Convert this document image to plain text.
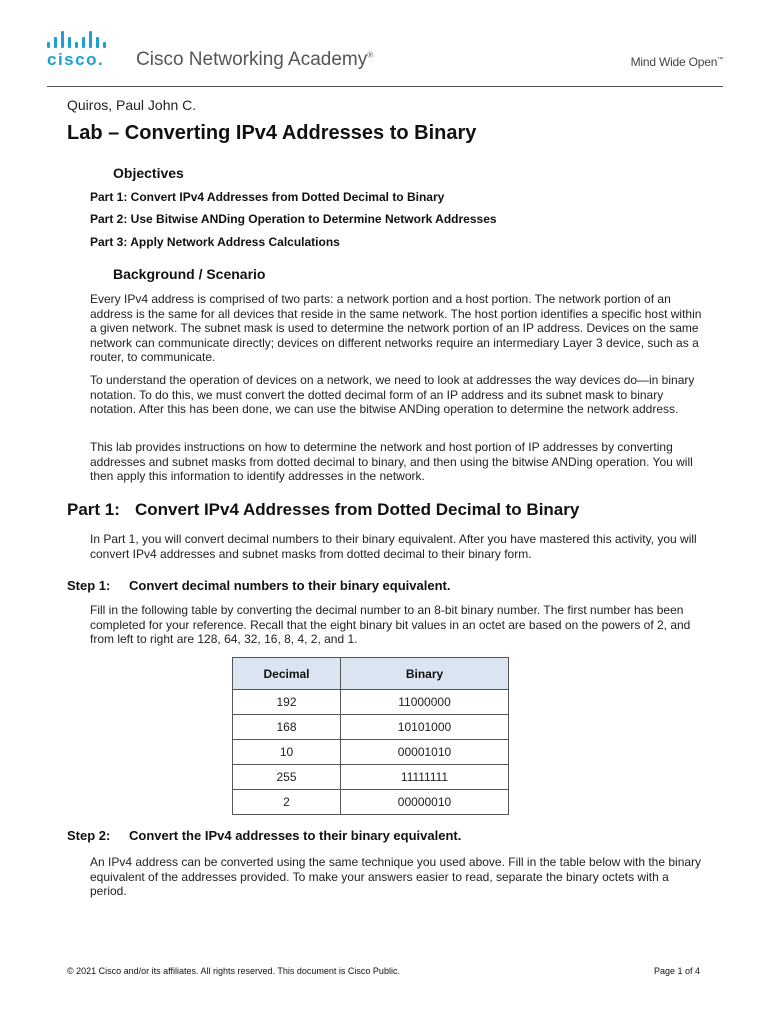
cisco. Cisco Networking Academy®	Mind Wide Open™
Quiros, Paul John C.
Lab – Converting IPv4 Addresses to Binary
Objectives
Part 1: Convert IPv4 Addresses from Dotted Decimal to Binary
Part 2: Use Bitwise ANDing Operation to Determine Network Addresses
Part 3: Apply Network Address Calculations
Background / Scenario

Every IPv4 address is comprised of two parts: a network portion and a host portion. The network portion of an address is the same for all devices that reside in the same network. The host portion identifies a specific host within a given network. The subnet mask is used to determine the network portion of an IP address. Devices on the same network can communicate directly; devices on different networks require an intermediary Layer 3 device, such as a router, to communicate.

To understand the operation of devices on a network, we need to look at addresses the way devices do—in binary notation. To do this, we must convert the dotted decimal form of an IP address and its subnet mask to binary notation. After this has been done, we can use the bitwise ANDing operation to determine the network address.

This lab provides instructions on how to determine the network and host portion of IP addresses by converting addresses and subnet masks from dotted decimal to binary, and then using the bitwise ANDing operation. You will then apply this information to identify addresses in the network.

Part 1: Convert IPv4 Addresses from Dotted Decimal to Binary

In Part 1, you will convert decimal numbers to their binary equivalent. After you have mastered this activity, you will convert IPv4 addresses and subnet masks from dotted decimal to their binary form.

Step 1: Convert decimal numbers to their binary equivalent.

Fill in the following table by converting the decimal number to an 8-bit binary number. The first number has been completed for your reference. Recall that the eight binary bit values in an octet are based on the powers of 2, and from left to right are 128, 64, 32, 16, 8, 4, 2, and 1.

Decimal	Binary
192	11000000
168	10101000
10	00001010
255	11111111
2	00000010
Step 2: Convert the IPv4 addresses to their binary equivalent.

An IPv4 address can be converted using the same technique you used above. Fill in the table below with the binary equivalent of the addresses provided. To make your answers easier to read, separate the binary octets with a period.

© 2021 Cisco and/or its affiliates. All rights reserved. This document is Cisco Public.	Page 1 of 4
